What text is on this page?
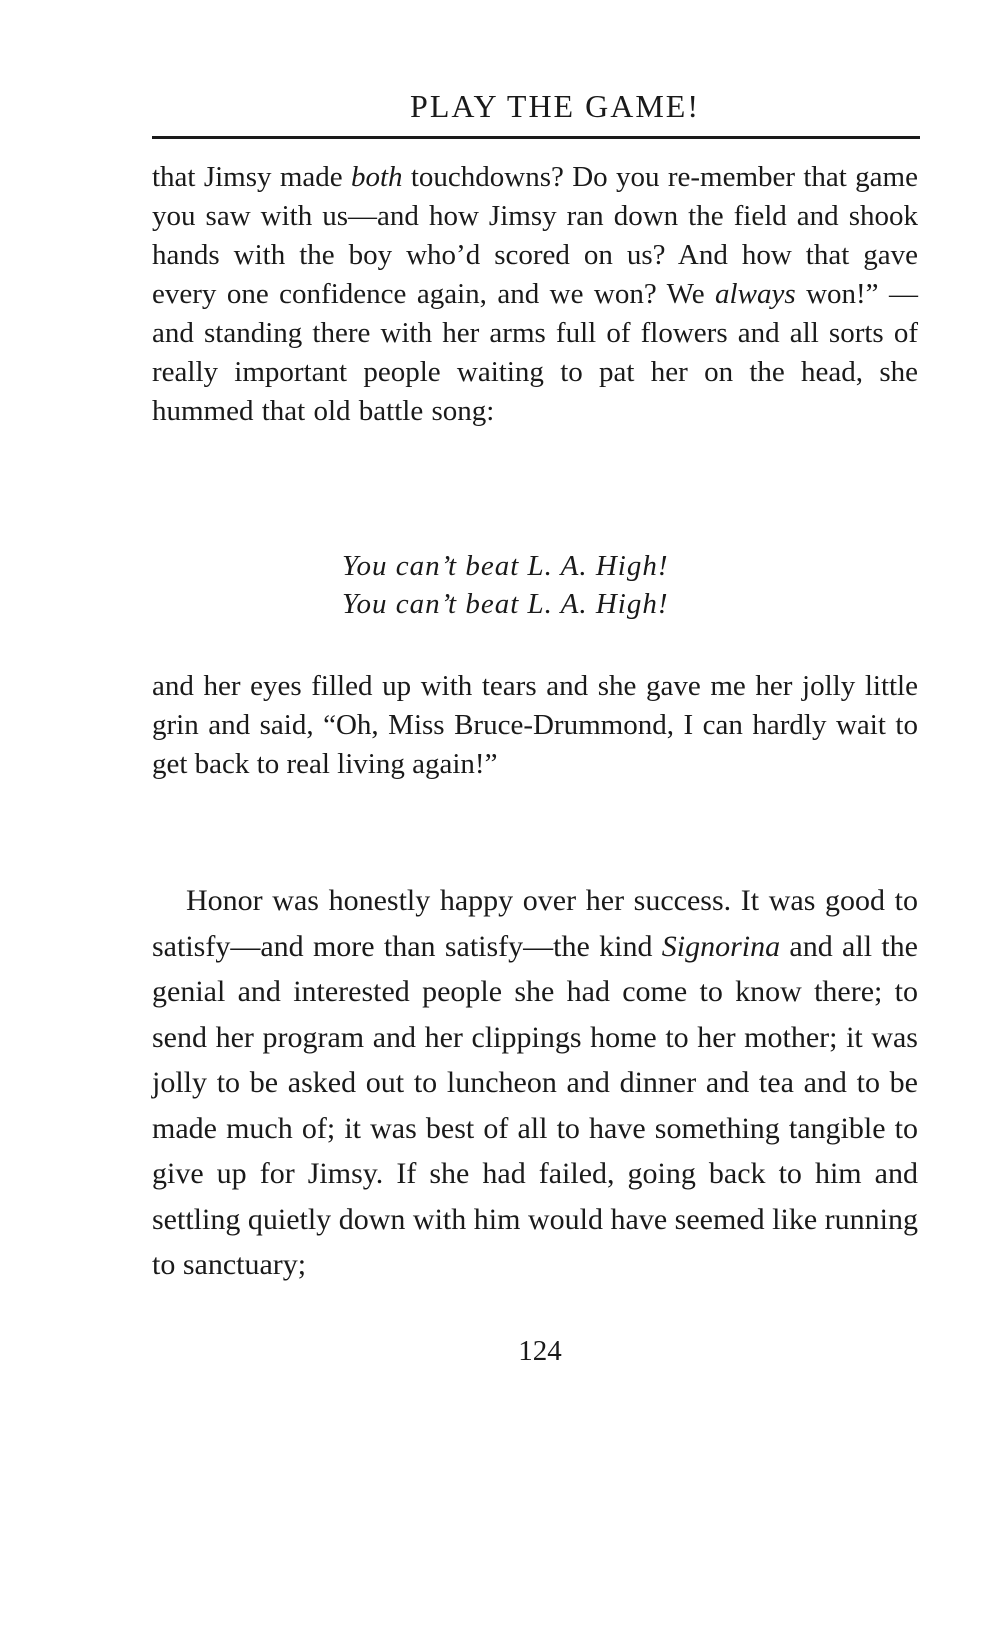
PLAY THE GAME!

that Jimsy made both touchdowns? Do you re-member that game you saw with us—and how Jimsy ran down the field and shook hands with the boy who’d scored on us? And how that gave every one confidence again, and we won? We always won!” —and standing there with her arms full of flowers and all sorts of really important people waiting to pat her on the head, she hummed that old battle song:

You can’t beat L. A. High!
You can’t beat L. A. High!

and her eyes filled up with tears and she gave me her jolly little grin and said, “Oh, Miss Bruce-Drummond, I can hardly wait to get back to real living again!”

Honor was honestly happy over her success. It was good to satisfy—and more than satisfy—the kind Signorina and all the genial and interested people she had come to know there; to send her program and her clippings home to her mother; it was jolly to be asked out to luncheon and dinner and tea and to be made much of; it was best of all to have something tangible to give up for Jimsy. If she had failed, going back to him and settling quietly down with him would have seemed like running to sanctuary;

124
